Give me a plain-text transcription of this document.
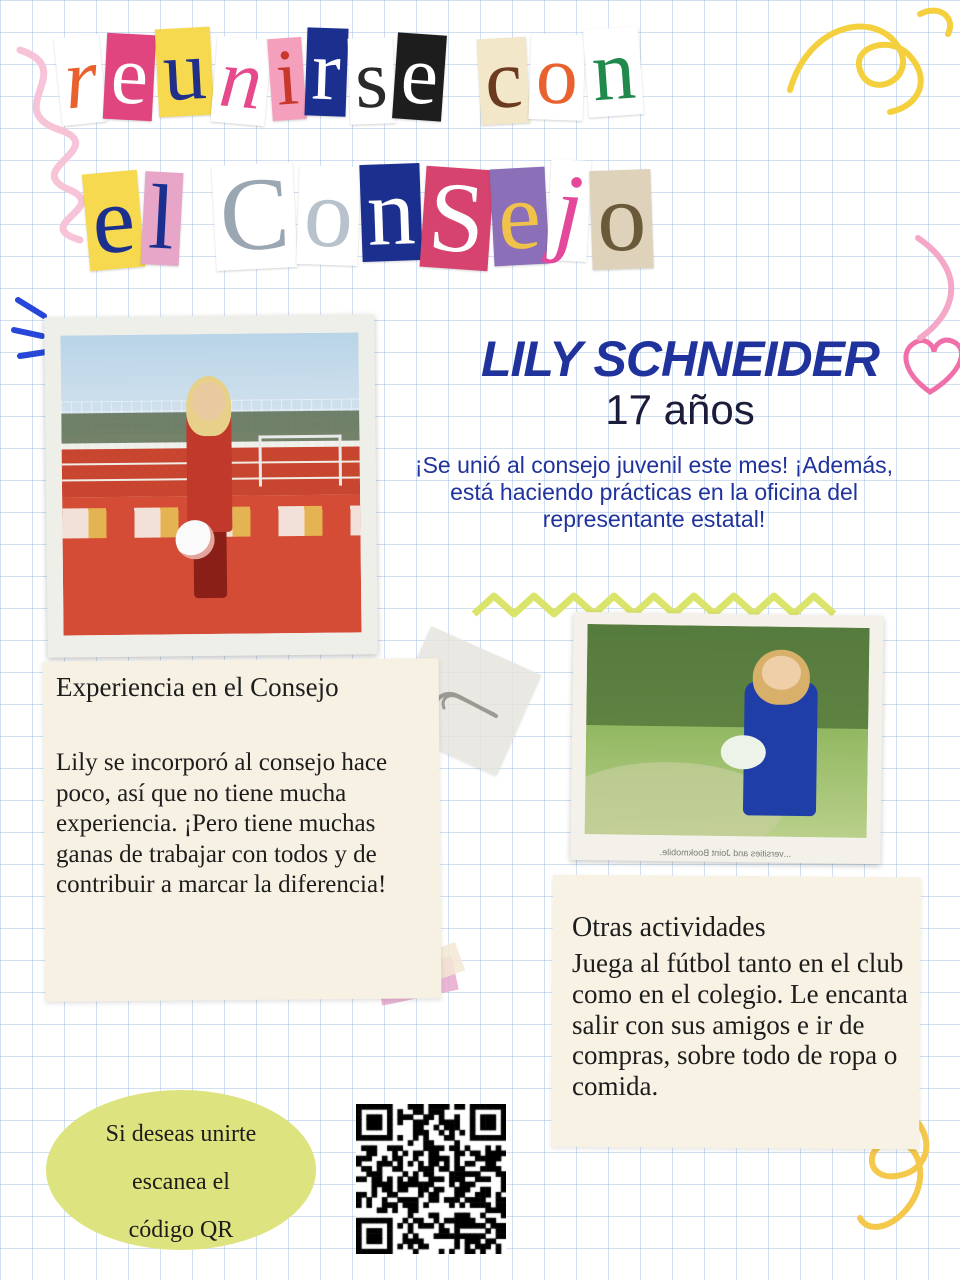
r e u n i r s e c o n
e l C o n S e j o
LILY SCHNEIDER
17 años
¡Se unió al consejo juvenil este mes! ¡Además, está haciendo prácticas en la oficina del representante estatal!
...versities and Joint Bookmobile.
Experiencia en el Consejo
Lily se incorporó al consejo hace poco, así que no tiene mucha experiencia. ¡Pero tiene muchas ganas de trabajar con todos y de contribuir a marcar la diferencia!
Otras actividades
Juega al fútbol tanto en el club como en el colegio. Le encanta salir con sus amigos e ir de compras, sobre todo de ropa o comida.
Si deseas unirte
escanea el
código QR
